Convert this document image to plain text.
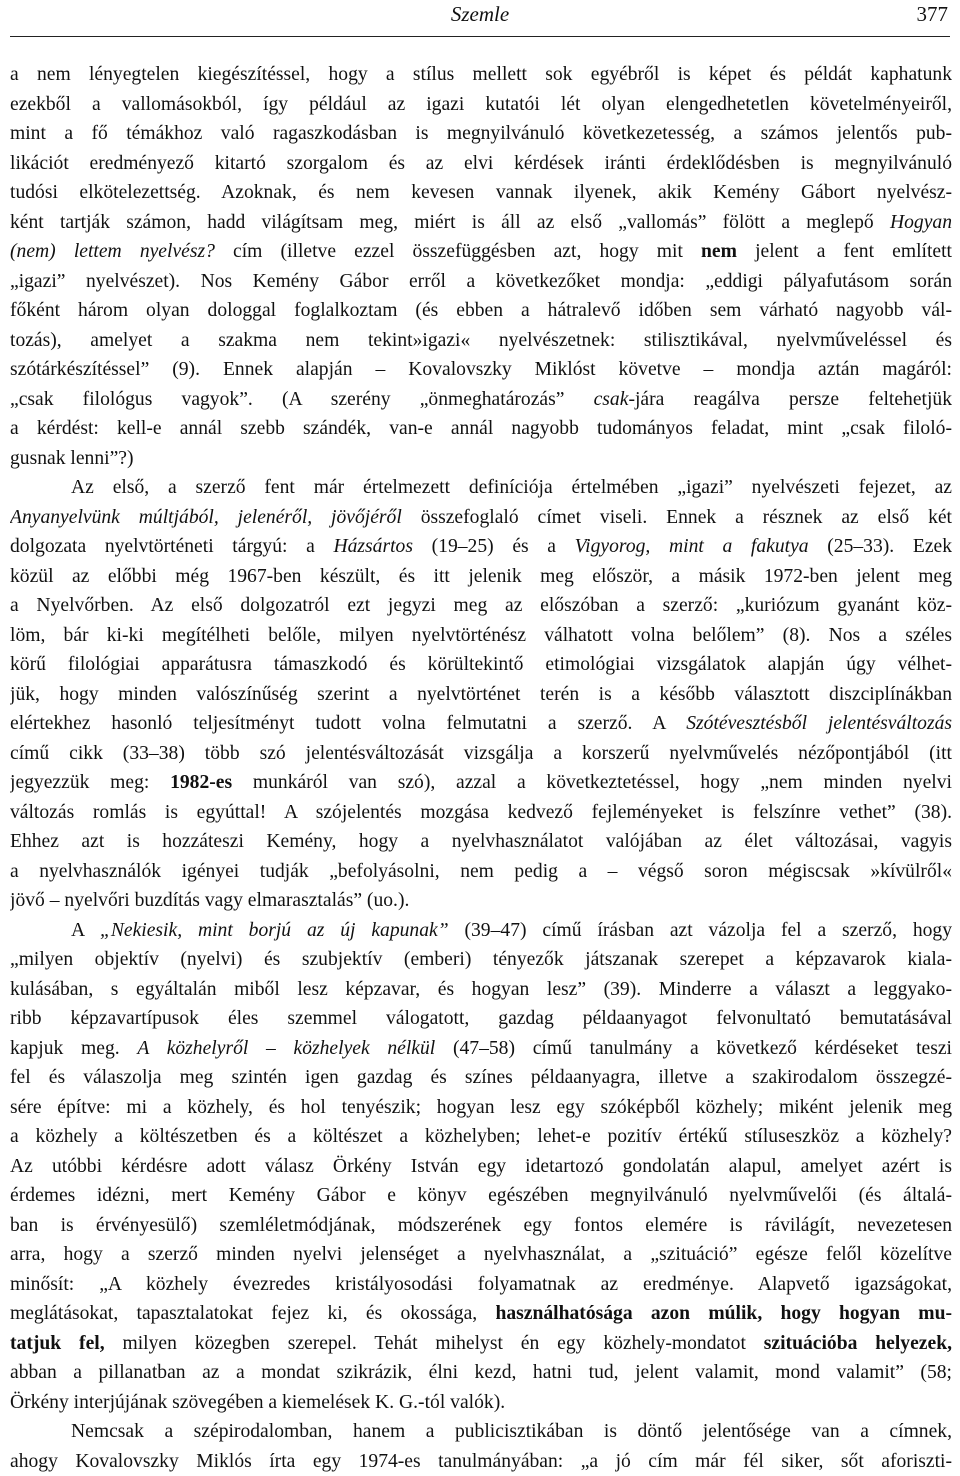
Szemle	377
a nem lényegtelen kiegészítéssel, hogy a stílus mellett sok egyébről is képet és példát kaphatunk
ezekből a vallomásokból, így például az igazi kutatói lét olyan elengedhetetlen követelményeiről,
mint a fő témákhoz való ragaszkodásban is megnyilvánuló következetesség, a számos jelentős pub-
likációt eredményező kitartó szorgalom és az elvi kérdések iránti érdeklődésben is megnyilvánuló
tudósi elkötelezettség. Azoknak, és nem kevesen vannak ilyenek, akik Kemény Gábort nyelvész-
ként tartják számon, hadd világítsam meg, miért is áll az első „vallomás” fölött a meglepő Hogyan
(nem) lettem nyelvész? cím (illetve ezzel összefüggésben azt, hogy mit nem jelent a fent említett
„igazi” nyelvészet). Nos Kemény Gábor erről a következőket mondja: „eddigi pályafutásom során
főként három olyan dologgal foglalkoztam (és ebben a hátralevő időben sem várható nagyobb vál-
tozás), amelyet a szakma nem tekint»igazi« nyelvészetnek: stilisztikával, nyelvműveléssel és
szótárkészítéssel” (9). Ennek alapján – Kovalovszky Miklóst követve – mondja aztán magáról:
„csak filológus vagyok”. (A szerény „önmeghatározás” csak-jára reagálva persze feltehetjük
a kérdést: kell-e annál szebb szándék, van-e annál nagyobb tudományos feladat, mint „csak filoló-
gusnak lenni”?)
Az első, a szerző fent már értelmezett definíciója értelmében „igazi” nyelvészeti fejezet, az
Anyanyelvünk múltjából, jelenéről, jövőjéről összefoglaló címet viseli. Ennek a résznek az első két
dolgozata nyelvtörténeti tárgyú: a Házsártos (19–25) és a Vigyorog, mint a fakutya (25–33). Ezek
közül az előbbi még 1967-ben készült, és itt jelenik meg először, a másik 1972-ben jelent meg
a Nyelvőrben. Az első dolgozatról ezt jegyzi meg az előszóban a szerző: „kuriózum gyanánt köz-
löm, bár ki-ki megítélheti belőle, milyen nyelvtörténész válhatott volna belőlem” (8). Nos a széles
körű filológiai apparátusra támaszkodó és körültekintő etimológiai vizsgálatok alapján úgy vélhet-
jük, hogy minden valószínűség szerint a nyelvtörténet terén is a később választott diszciplínákban
elértekhez hasonló teljesítményt tudott volna felmutatni a szerző. A Szótévesztésből jelentésváltozás
című cikk (33–38) több szó jelentésváltozását vizsgálja a korszerű nyelvművelés nézőpontjából (itt
jegyezzük meg: 1982-es munkáról van szó), azzal a következtetéssel, hogy „nem minden nyelvi
változás romlás is egyúttal! A szójelentés mozgása kedvező fejleményeket is felszínre vethet” (38).
Ehhez azt is hozzáteszi Kemény, hogy a nyelvhasználatot valójában az élet változásai, vagyis
a nyelvhasználók igényei tudják „befolyásolni, nem pedig a – végső soron mégiscsak »kívülről«
jövő – nyelvőri buzdítás vagy elmarasztalás” (uo.).
A „Nekiesik, mint borjú az új kapunak” (39–47) című írásban azt vázolja fel a szerző, hogy
„milyen objektív (nyelvi) és szubjektív (emberi) tényezők játszanak szerepet a képzavarok kiala-
kulásában, s egyáltalán miből lesz képzavar, és hogyan lesz” (39). Minderre a választ a leggyako-
ribb képzavartípusok éles szemmel válogatott, gazdag példaanyagot felvonultató bemutatásával
kapjuk meg. A közhelyről – közhelyek nélkül (47–58) című tanulmány a következő kérdéseket teszi
fel és válaszolja meg szintén igen gazdag és színes példaanyagra, illetve a szakirodalom összegzé-
sére építve: mi a közhely, és hol tenyészik; hogyan lesz egy szóképből közhely; miként jelenik meg
a közhely a költészetben és a költészet a közhelyben; lehet-e pozitív értékű stíluseszköz a közhely?
Az utóbbi kérdésre adott válasz Örkény István egy idetartozó gondolatán alapul, amelyet azért is
érdemes idézni, mert Kemény Gábor e könyv egészében megnyilvánuló nyelvművelői (és általá-
ban is érvényesülő) szemléletmódjának, módszerének egy fontos elemére is rávilágít, nevezetesen
arra, hogy a szerző minden nyelvi jelenséget a nyelvhasználat, a „szituáció” egésze felől közelítve
minősít: „A közhely évezredes kristályosodási folyamatnak az eredménye. Alapvető igazságokat,
meglátásokat, tapasztalatokat fejez ki, és okossága, használhatósága azon múlik, hogy hogyan mu-
tatjuk fel, milyen közegben szerepel. Tehát mihelyst én egy közhely-mondatot szituációba helyezek,
abban a pillanatban az a mondat szikrázik, élni kezd, hatni tud, jelent valamit, mond valamit” (58;
Örkény interjújának szövegében a kiemelések K. G.-tól valók).
Nemcsak a szépirodalomban, hanem a publicisztikában is döntő jelentősége van a címnek,
ahogy Kovalovszky Miklós írta egy 1974-es tanulmányában: „a jó cím már fél siker, sőt aforiszti-
